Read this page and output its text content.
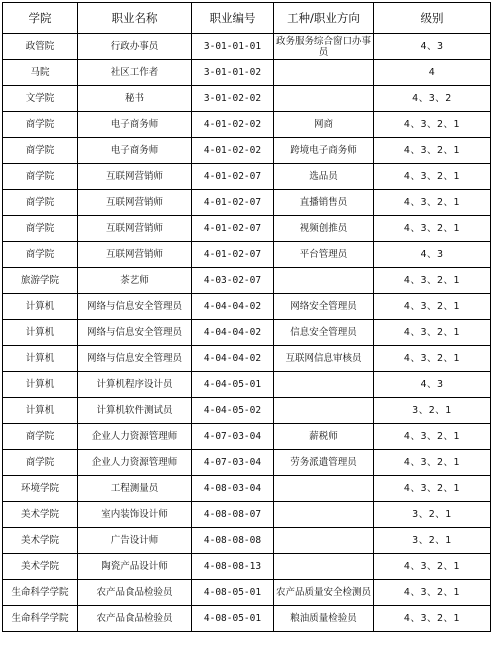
学院	职业名称	职业编号	工种/职业方向	级别
政管院	行政办事员	3-01-01-01	政务服务综合窗口办事员	4、3
马院	社区工作者	3-01-01-02		4
文学院	秘书	3-01-02-02		4、3、2
商学院	电子商务师	4-01-02-02	网商	4、3、2、1
商学院	电子商务师	4-01-02-02	跨境电子商务师	4、3、2、1
商学院	互联网营销师	4-01-02-07	选品员	4、3、2、1
商学院	互联网营销师	4-01-02-07	直播销售员	4、3、2、1
商学院	互联网营销师	4-01-02-07	视频创推员	4、3、2、1
商学院	互联网营销师	4-01-02-07	平台管理员	4、3
旅游学院	茶艺师	4-03-02-07		4、3、2、1
计算机	网络与信息安全管理员	4-04-04-02	网络安全管理员	4、3、2、1
计算机	网络与信息安全管理员	4-04-04-02	信息安全管理员	4、3、2、1
计算机	网络与信息安全管理员	4-04-04-02	互联网信息审核员	4、3、2、1
计算机	计算机程序设计员	4-04-05-01		4、3
计算机	计算机软件测试员	4-04-05-02		3、2、1
商学院	企业人力资源管理师	4-07-03-04	薪税师	4、3、2、1
商学院	企业人力资源管理师	4-07-03-04	劳务派遣管理员	4、3、2、1
环境学院	工程测量员	4-08-03-04		4、3、2、1
美术学院	室内装饰设计师	4-08-08-07		3、2、1
美术学院	广告设计师	4-08-08-08		3、2、1
美术学院	陶瓷产品设计师	4-08-08-13		4、3、2、1
生命科学学院	农产品食品检验员	4-08-05-01	农产品质量安全检测员	4、3、2、1
生命科学学院	农产品食品检验员	4-08-05-01	粮油质量检验员	4、3、2、1
